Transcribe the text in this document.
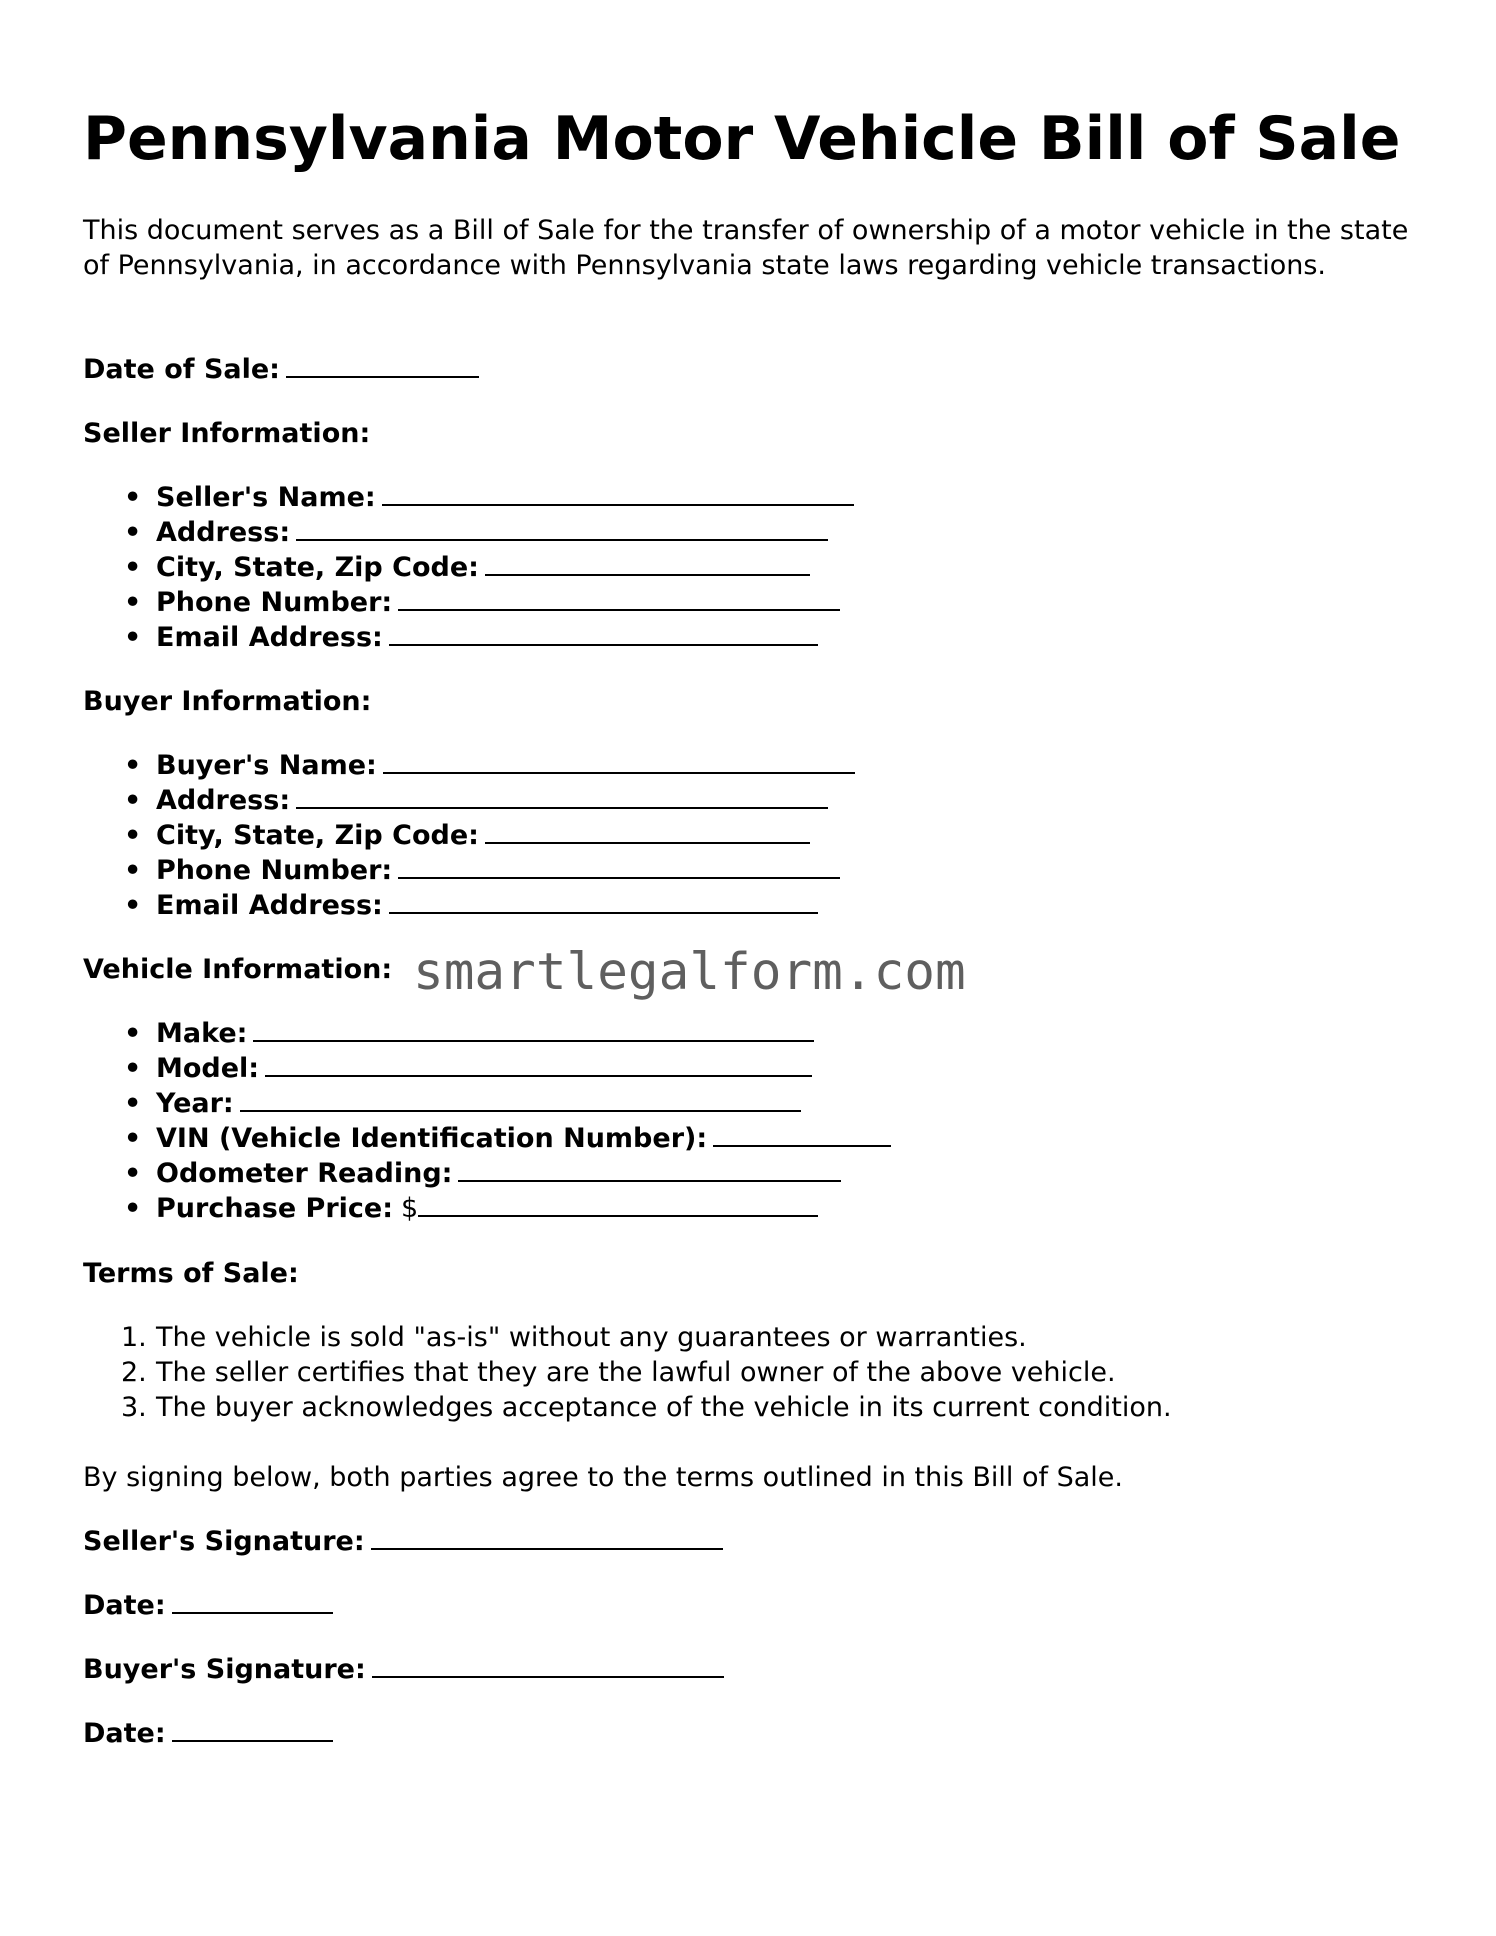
Pennsylvania Motor Vehicle Bill of Sale

This document serves as a Bill of Sale for the transfer of ownership of a motor vehicle in the state of Pennsylvania, in accordance with Pennsylvania state laws regarding vehicle transactions.

Date of Sale:

Seller Information:

• Seller's Name:
• Address:
• City, State, Zip Code:
• Phone Number:
• Email Address:

Buyer Information:

• Buyer's Name:
• Address:
• City, State, Zip Code:
• Phone Number:
• Email Address:

Vehicle Information:

• Make:
• Model:
• Year:
• VIN (Vehicle Identification Number):
• Odometer Reading:
• Purchase Price: $

Terms of Sale:

1. The vehicle is sold "as-is" without any guarantees or warranties.
2. The seller certifies that they are the lawful owner of the above vehicle.
3. The buyer acknowledges acceptance of the vehicle in its current condition.

By signing below, both parties agree to the terms outlined in this Bill of Sale.

Seller's Signature:

Date:

Buyer's Signature:

Date:

smartlegalform.com
